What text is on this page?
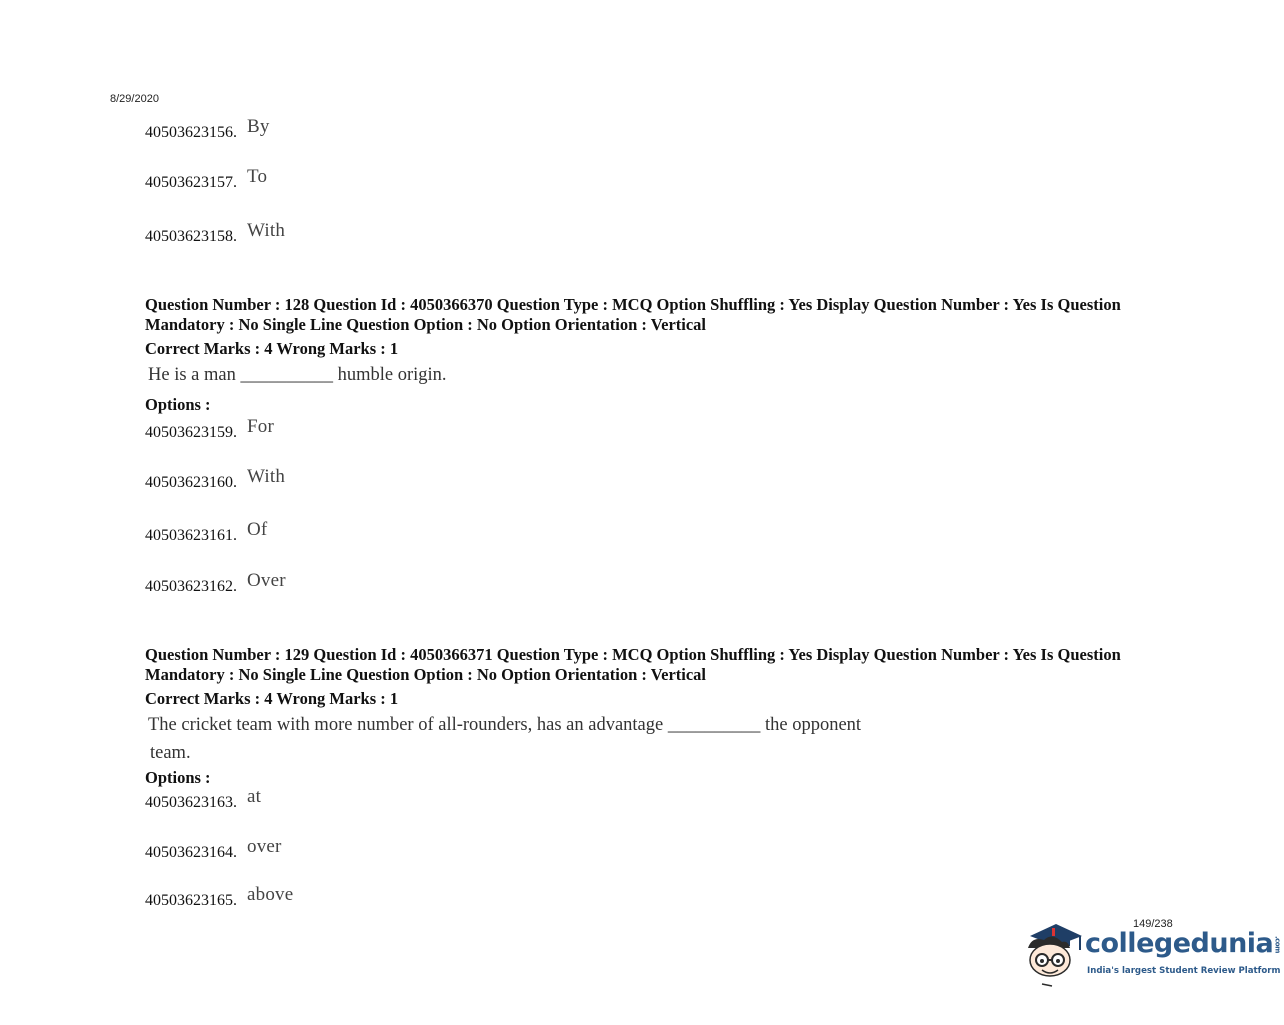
8/29/2020
40503623156. By
40503623157. To
40503623158. With
Question Number : 128 Question Id : 4050366370 Question Type : MCQ Option Shuffling : Yes Display Question Number : Yes Is Question Mandatory : No Single Line Question Option : No Option Orientation : Vertical
Correct Marks : 4 Wrong Marks : 1
He is a man __________ humble origin.
Options :
40503623159. For
40503623160. With
40503623161. Of
40503623162. Over
Question Number : 129 Question Id : 4050366371 Question Type : MCQ Option Shuffling : Yes Display Question Number : Yes Is Question Mandatory : No Single Line Question Option : No Option Orientation : Vertical
Correct Marks : 4 Wrong Marks : 1
The cricket team with more number of all-rounders, has an advantage __________ the opponent
team.
Options :
40503623163. at
40503623164. over
40503623165. above
149/238
collegedunia.com
India's largest Student Review Platform
